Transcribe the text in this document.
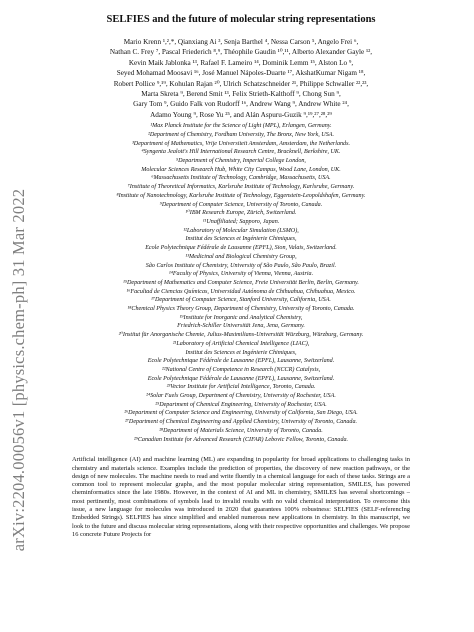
arXiv:2204.00056v1 [physics.chem-ph] 31 Mar 2022
SELFIES and the future of molecular string representations
Mario Krenn ¹,²,*, Qianxiang Ai ³, Senja Barthel ⁴, Nessa Carson ⁵, Angelo Frei ⁶,
Nathan C. Frey ⁷, Pascal Friederich ⁸,⁹, Théophile Gaudin ¹⁰,¹¹, Alberto Alexander Gayle ¹²,
Kevin Maik Jablonka ¹³, Rafael F. Lameiro ¹⁴, Dominik Lemm ¹⁵, Alston Lo ⁹,
Seyed Mohamad Moosavi ¹⁶, José Manuel Nápoles-Duarte ¹⁷, AkshatKumar Nigam ¹⁸,
Robert Pollice ⁹,¹⁹, Kohulan Rajan ²⁰, Ulrich Schatzschneider ²¹, Philippe Schwaller ²²,²³,
Marta Skreta ⁹, Berend Smit ¹³, Felix Strieth-Kalthoff ⁹, Chong Sun ⁹,
Gary Tom ⁹, Guido Falk von Rudorff ¹⁶, Andrew Wang ⁹, Andrew White ²⁴,
Adamo Young ⁹, Rose Yu ²⁵, and Alán Aspuru-Guzik ⁹,¹⁹,²⁷,²⁸,²⁹
¹Max Planck Institute for the Science of Light (MPL), Erlangen, Germany.
²Department of Chemistry, Fordham University, The Bronx, New York, USA.
³Department of Mathematics, Vrije Universiteit Amsterdam, Amsterdam, the Netherlands.
⁴Syngenta Jealott's Hill International Research Centre, Bracknell, Berkshire, UK.
⁵Department of Chemistry, Imperial College London,
Molecular Sciences Research Hub, White City Campus, Wood Lane, London, UK.
⁶Massachusetts Institute of Technology, Cambridge, Massachusetts, USA.
⁷Institute of Theoretical Informatics, Karlsruhe Institute of Technology, Karlsruhe, Germany.
⁸Institute of Nanotechnology, Karlsruhe Institute of Technology, Eggenstein-Leopoldshafen, Germany.
⁹Department of Computer Science, University of Toronto, Canada.
¹⁰IBM Research Europe, Zürich, Switzerland.
¹¹Unaffiliated; Sapporo, Japan.
¹²Laboratory of Molecular Simulation (LSMO),
Institut des Sciences et Ingénierie Chimiques,
Ecole Polytechnique Fédérale de Lausanne (EPFL), Sion, Valais, Switzerland.
¹³Medicinal and Biological Chemistry Group,
São Carlos Institute of Chemistry, University of São Paulo, São Paulo, Brazil.
¹⁴Faculty of Physics, University of Vienna, Vienna, Austria.
¹⁵Department of Mathematics and Computer Science, Freie Universität Berlin, Berlin, Germany.
¹⁶Facultad de Ciencias Químicas, Universidad Autónoma de Chihuahua, Chihuahua, Mexico.
¹⁷Department of Computer Science, Stanford University, California, USA.
¹⁸Chemical Physics Theory Group, Department of Chemistry, University of Toronto, Canada.
¹⁹Institute for Inorganic and Analytical Chemistry,
Friedrich-Schiller Universität Jena, Jena, Germany.
²⁰Institut für Anorganische Chemie, Julius-Maximilians-Universität Würzburg, Würzburg, Germany.
²¹Laboratory of Artificial Chemical Intelligence (LIAC),
Institut des Sciences et Ingénierie Chimiques,
Ecole Polytechnique Fédérale de Lausanne (EPFL), Lausanne, Switzerland.
²²National Centre of Competence in Research (NCCR) Catalysis,
Ecole Polytechnique Fédérale de Lausanne (EPFL), Lausanne, Switzerland.
²³Vector Institute for Artificial Intelligence, Toronto, Canada.
²⁴Solar Fuels Group, Department of Chemistry, University of Rochester, USA.
²⁵Department of Chemical Engineering, University of Rochester, USA.
²⁶Department of Computer Science and Engineering, University of California, San Diego, USA.
²⁷Department of Chemical Engineering and Applied Chemistry, University of Toronto, Canada.
²⁸Department of Materials Science, University of Toronto, Canada.
²⁹Canadian Institute for Advanced Research (CIFAR) Lebovic Fellow, Toronto, Canada.
Artificial intelligence (AI) and machine learning (ML) are expanding in popularity for broad applications to challenging tasks in chemistry and materials science. Examples include the prediction of properties, the discovery of new reaction pathways, or the design of new molecules. The machine needs to read and write fluently in a chemical language for each of these tasks. Strings are a common tool to represent molecular graphs, and the most popular molecular string representation, SMILES, has powered cheminformatics since the late 1980s. However, in the context of AI and ML in chemistry, SMILES has several shortcomings – most pertinently, most combinations of symbols lead to invalid results with no valid chemical interpretation. To overcome this issue, a new language for molecules was introduced in 2020 that guarantees 100% robustness: SELFIES (SELF-referencIng Embedded Strings). SELFIES has since simplified and enabled numerous new applications in chemistry. In this manuscript, we look to the future and discuss molecular string representations, along with their respective opportunities and challenges. We propose 16 concrete Future Projects for
